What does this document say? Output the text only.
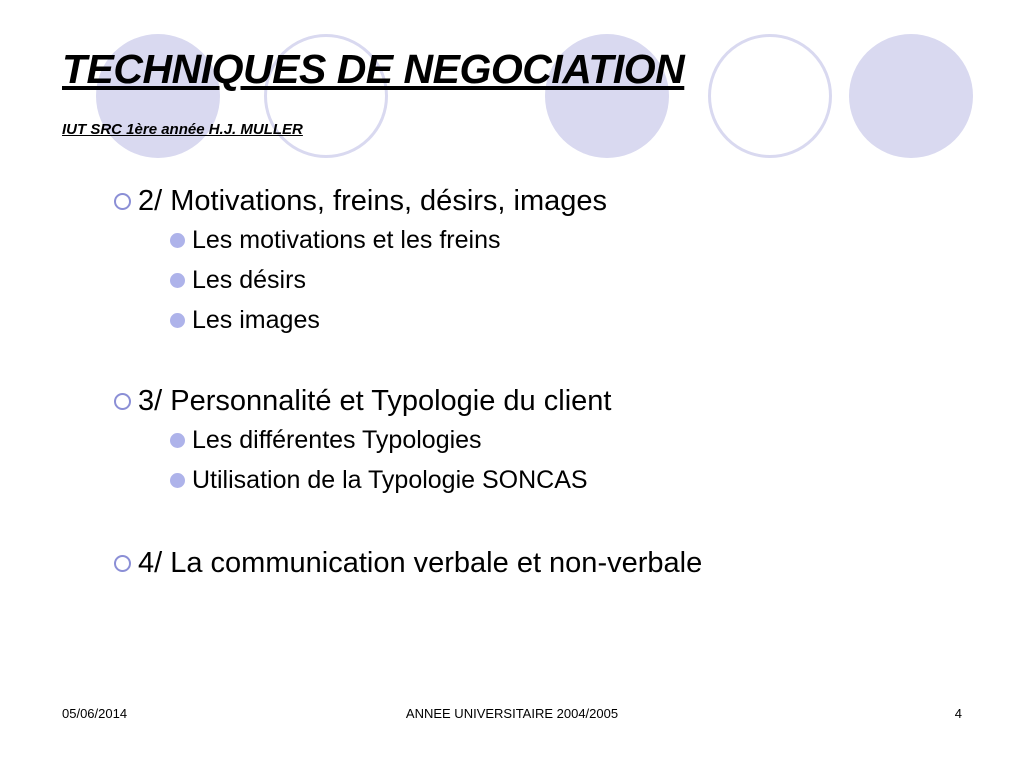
TECHNIQUES DE NEGOCIATION
IUT SRC 1ère année H.J. MULLER
2/ Motivations, freins, désirs, images
Les motivations et les freins
Les désirs
Les images
3/ Personnalité et Typologie du client
Les différentes Typologies
Utilisation de la Typologie SONCAS
4/ La communication verbale et non-verbale
05/06/2014	ANNEE UNIVERSITAIRE 2004/2005	4
